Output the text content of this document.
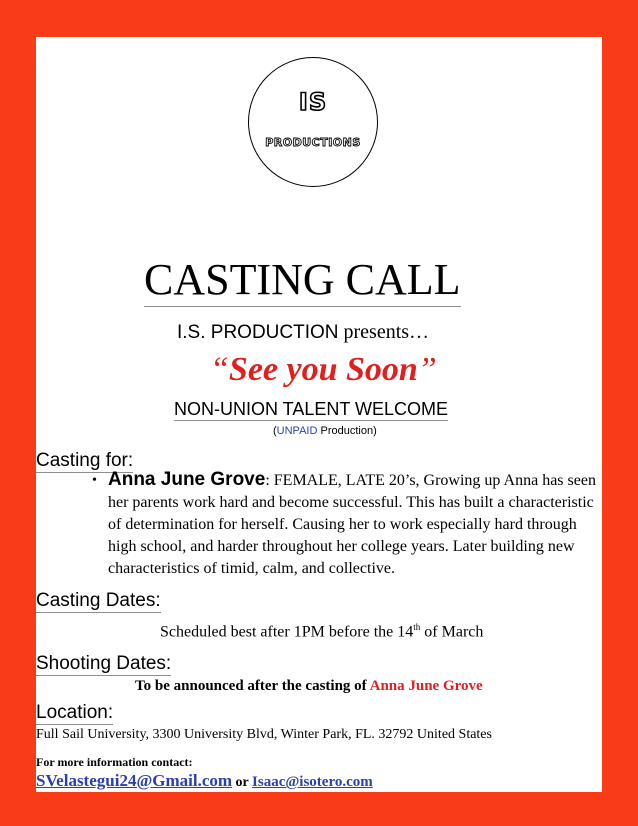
IS
PRODUCTIONS
CASTING CALL
I.S. PRODUCTION presents…
“See you Soon”
NON-UNION TALENT WELCOME
(UNPAID Production)
Casting for:
• Anna June Grove: FEMALE, LATE 20’s, Growing up Anna has seen her parents work hard and become successful. This has built a characteristic of determination for herself. Causing her to work especially hard through high school, and harder throughout her college years. Later building new characteristics of timid, calm, and collective.
Casting Dates:
Scheduled best after 1PM before the 14th of March
Shooting Dates:
To be announced after the casting of Anna June Grove
Location:
Full Sail University, 3300 University Blvd, Winter Park, FL. 32792 United States
For more information contact:
SVelastegui24@Gmail.com or Isaac@isotero.com
